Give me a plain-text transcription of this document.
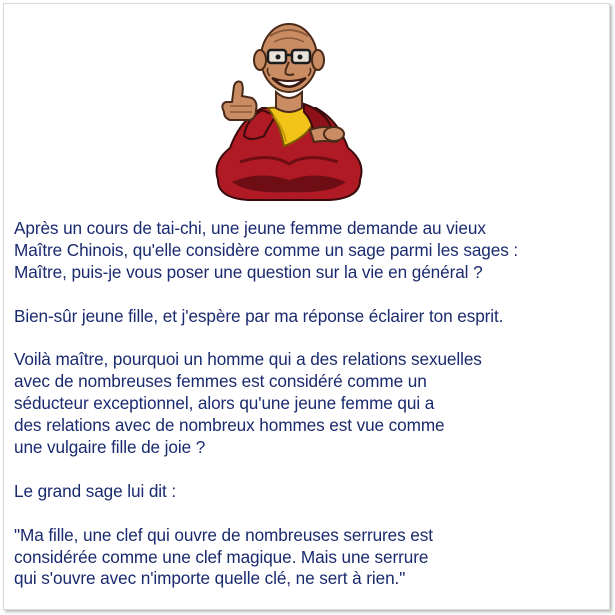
Après un cours de tai-chi, une jeune femme demande au vieux
Maître Chinois, qu'elle considère comme un sage parmi les sages :
Maître, puis-je vous poser une question sur la vie en général ?

Bien-sûr jeune fille, et j'espère par ma réponse éclairer ton esprit.

Voilà maître, pourquoi un homme qui a des relations sexuelles
avec de nombreuses femmes est considéré comme un
séducteur exceptionnel, alors qu'une jeune femme qui a
des relations avec de nombreux hommes est vue comme
une vulgaire fille de joie ?

Le grand sage lui dit :

"Ma fille, une clef qui ouvre de nombreuses serrures est
considérée comme une clef magique. Mais une serrure
qui s'ouvre avec n'importe quelle clé, ne sert à rien."
